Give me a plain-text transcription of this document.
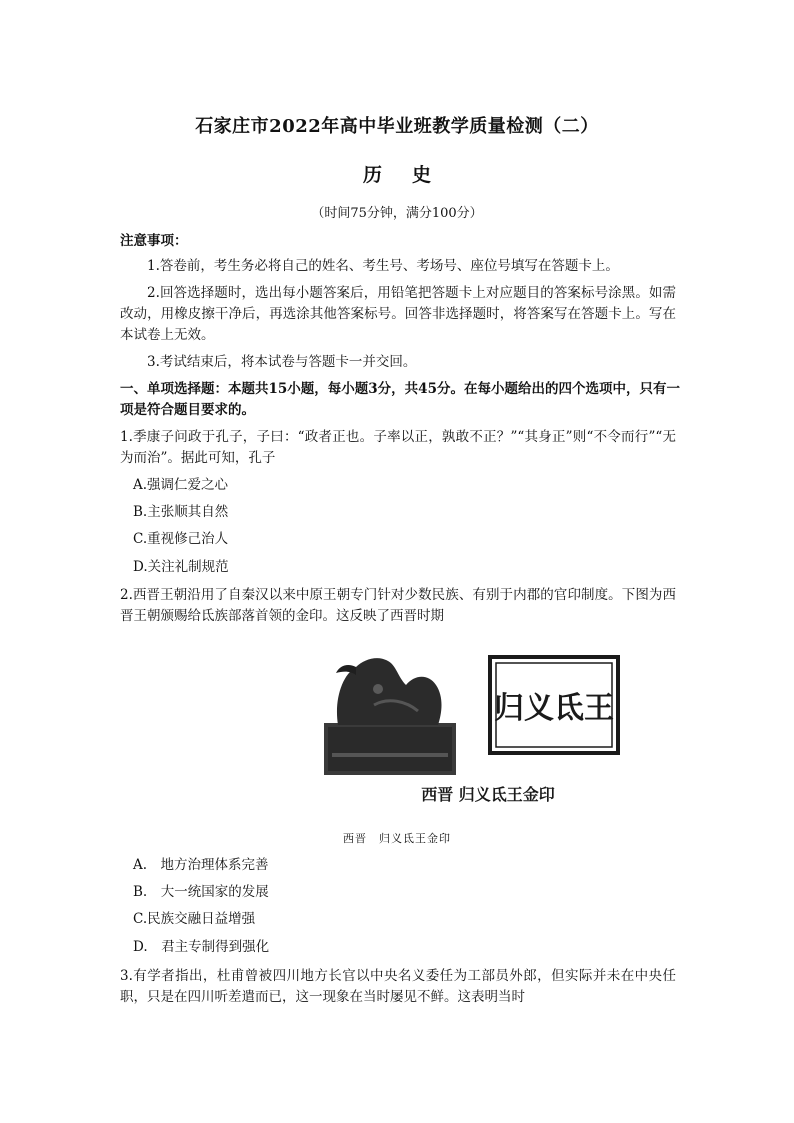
石家庄市2022年高中毕业班教学质量检测（二）
历史
（时间75分钟，满分100分）
注意事项：
1.答卷前，考生务必将自己的姓名、考生号、考场号、座位号填写在答题卡上。
2.回答选择题时，选出每小题答案后，用铅笔把答题卡上对应题目的答案标号涂黑。如需改动，用橡皮擦干净后，再选涂其他答案标号。回答非选择题时，将答案写在答题卡上。写在本试卷上无效。
3.考试结束后，将本试卷与答题卡一并交回。
一、单项选择题：本题共15小题，每小题3分，共45分。在每小题给出的四个选项中，只有一项是符合题目要求的。
1.季康子问政于孔子，子曰：“政者正也。子率以正，孰敢不正？”“其身正”则“不令而行”“无为而治”。据此可知，孔子
A.强调仁爱之心
B.主张顺其自然
C.重视修己治人
D.关注礼制规范
2.西晋王朝沿用了自秦汉以来中原王朝专门针对少数民族、有别于内郡的官印制度。下图为西晋王朝颁赐给氐族部落首领的金印。这反映了西晋时期
归义氐王
西晋 归义氐王金印
西晋　归义氐王金印
A.　地方治理体系完善
B.　大一统国家的发展
C.民族交融日益增强
D.　君主专制得到强化
3.有学者指出，杜甫曾被四川地方长官以中央名义委任为工部员外郎，但实际并未在中央任职，只是在四川听差遣而已，这一现象在当时屡见不鲜。这表明当时
